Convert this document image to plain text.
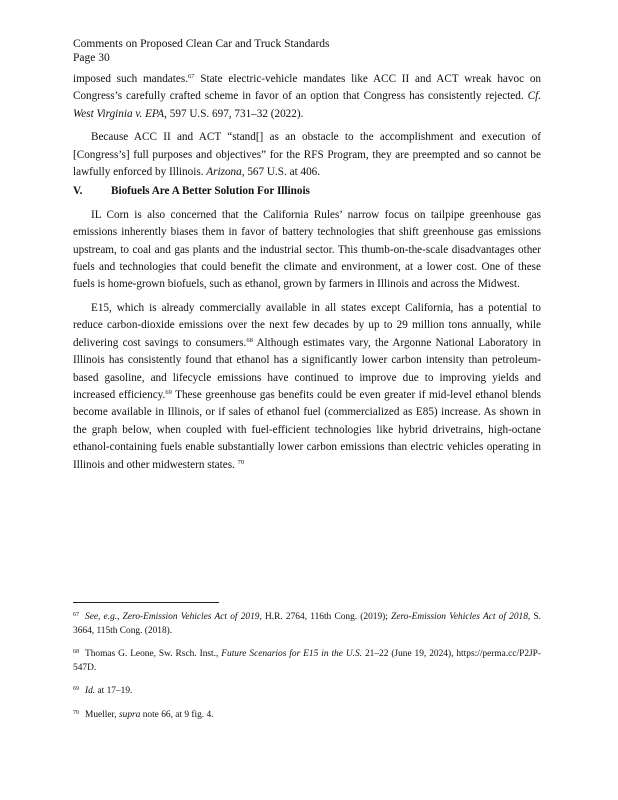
Comments on Proposed Clean Car and Truck Standards
Page 30

imposed such mandates.$^{67}$ State electric-vehicle mandates like ACC II and ACT wreak havoc on Congress’s carefully crafted scheme in favor of an option that Congress has consistently rejected. Cf. West Virginia v. EPA, 597 U.S. 697, 731–32 (2022).

Because ACC II and ACT “stand[] as an obstacle to the accomplishment and execution of [Congress’s] full purposes and objectives” for the RFS Program, they are preempted and so cannot be lawfully enforced by Illinois. Arizona, 567 U.S. at 406.

V.	Biofuels Are A Better Solution For Illinois

IL Corn is also concerned that the California Rules’ narrow focus on tailpipe greenhouse gas emissions inherently biases them in favor of battery technologies that shift greenhouse gas emissions upstream, to coal and gas plants and the industrial sector. This thumb-on-the-scale disadvantages other fuels and technologies that could benefit the climate and environment, at a lower cost. One of these fuels is home-grown biofuels, such as ethanol, grown by farmers in Illinois and across the Midwest.

E15, which is already commercially available in all states except California, has a potential to reduce carbon-dioxide emissions over the next few decades by up to 29 million tons annually, while delivering cost savings to consumers.$^{68}$ Although estimates vary, the Argonne National Laboratory in Illinois has consistently found that ethanol has a significantly lower carbon intensity than petroleum-based gasoline, and lifecycle emissions have continued to improve due to improving yields and increased efficiency.$^{69}$ These greenhouse gas benefits could be even greater if mid-level ethanol blends become available in Illinois, or if sales of ethanol fuel (commercialized as E85) increase. As shown in the graph below, when coupled with fuel-efficient technologies like hybrid drivetrains, high-octane ethanol-containing fuels enable substantially lower carbon emissions than electric vehicles operating in Illinois and other midwestern states. $^{70}$

$^{67}$ See, e.g., Zero-Emission Vehicles Act of 2019, H.R. 2764, 116th Cong. (2019); Zero-Emission Vehicles Act of 2018, S. 3664, 115th Cong. (2018).

$^{68}$ Thomas G. Leone, Sw. Rsch. Inst., Future Scenarios for E15 in the U.S. 21–22 (June 19, 2024), https://perma.cc/P2JP-547D.

$^{69}$ Id. at 17–19.

$^{70}$ Mueller, supra note 66, at 9 fig. 4.
